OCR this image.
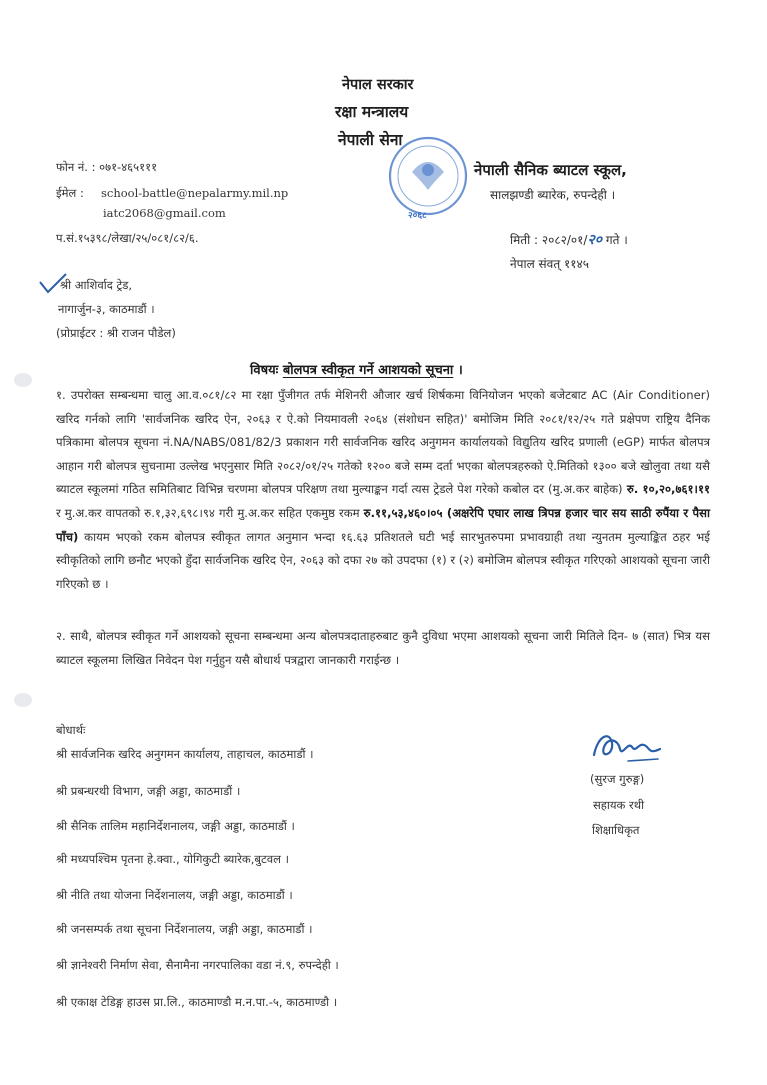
नेपाल सरकार
रक्षा मन्त्रालय
नेपाली सेना
२०६८
नेपाली सैनिक ब्याटल स्कूल,
सालझण्डी ब्यारेक, रुपन्देही ।
फोन नं. : ०७१-४६५१११
ईमेल : school-battle@nepalarmy.mil.np
iatc2068@gmail.com
प.सं.१५३९८/लेखा/२५/०८१/८२/६.	मिती : २०८२/०१/२० गते ।
नेपाल संवत् ११४५
श्री आशिर्वाद ट्रेड,
नागार्जुन-३, काठमाडौं ।
(प्रोप्राईटर : श्री राजन पौडेल)
विषयः बोलपत्र स्वीकृत गर्ने आशयको सूचना ।
१. उपरोक्त सम्बन्धमा चालु आ.व.०८१/८२ मा रक्षा पुँजीगत तर्फ मेशिनरी औजार खर्च शिर्षकमा विनियोजन भएको बजेटबाट AC (Air Conditioner) खरिद गर्नको लागि 'सार्वजनिक खरिद ऐन, २०६३ र ऐ.को नियमावली २०६४ (संशोधन सहित)' बमोजिम मिति २०८१/१२/२५ गते प्रक्षेपण राष्ट्रिय दैनिक पत्रिकामा बोलपत्र सूचना नं.NA/NABS/081/82/3 प्रकाशन गरी सार्वजनिक खरिद अनुगमन कार्यालयको विद्युतिय खरिद प्रणाली (eGP) मार्फत बोलपत्र आहान गरी बोलपत्र सुचनामा उल्लेख भएनुसार मिति २०८२/०१/२५ गतेको १२०० बजे सम्म दर्ता भएका बोलपत्रहरुको ऐ.मितिको १३०० बजे खोलुवा तथा यसै ब्याटल स्कूलमां गठित समितिबाट विभिन्न चरणमा बोलपत्र परिक्षण तथा मुल्याङ्कन गर्दा त्यस ट्रेडले पेश गरेको कबोल दर (मु.अ.कर बाहेक) रु. १०,२०,७६१।११ र मु.अ.कर वापतको रु.१,३२,६९८।९४ गरी मु.अ.कर सहित एकमुष्ठ रकम रु.११,५३,४६०।०५ (अक्षरेपि एघार लाख त्रिपन्न हजार चार सय साठी रुपैंया र पैसा पाँच) कायम भएको रकम बोलपत्र स्वीकृत लागत अनुमान भन्दा १६.६३ प्रतिशतले घटी भई सारभुतरुपमा प्रभावग्राही तथा न्युनतम मुल्याङ्कित ठहर भई स्वीकृतिको लागि छनौट भएको हुँदा सार्वजनिक खरिद ऐन, २०६३ को दफा २७ को उपदफा (१) र (२) बमोजिम बोलपत्र स्वीकृत गरिएको आशयको सूचना जारी गरिएको छ ।
२. साथै, बोलपत्र स्वीकृत गर्ने आशयको सूचना सम्बन्धमा अन्य बोलपत्रदाताहरुबाट कुनै दुविधा भएमा आशयको सूचना जारी मितिले दिन- ७ (सात) भित्र यस ब्याटल स्कूलमा लिखित निवेदन पेश गर्नुहुन यसै बोधार्थ पत्रद्वारा जानकारी गराईन्छ ।
बोधार्थः
श्री सार्वजनिक खरिद अनुगमन कार्यालय, ताहाचल, काठमाडौं ।
श्री प्रबन्धरथी विभाग, जङ्गी अड्डा, काठमाडौं ।
श्री सैनिक तालिम महानिर्देशनालय, जङ्गी अड्डा, काठमाडौं ।
श्री मध्यपश्चिम पृतना हे.क्वा., योगिकुटी ब्यारेक,बुटवल ।
श्री नीति तथा योजना निर्देशनालय, जङ्गी अड्डा, काठमाडौं ।
श्री जनसम्पर्क तथा सूचना निर्देशनालय, जङ्गी अड्डा, काठमाडौं ।
श्री ज्ञानेश्वरी निर्माण सेवा, सैनामैना नगरपालिका वडा नं.९, रुपन्देही ।
श्री एकाक्ष टेडिङ्ग हाउस प्रा.लि., काठमाण्डौ म.न.पा.-५, काठमाण्डौ ।
(सुरज गुरुङ्ग)
सहायक रथी
शिक्षाधिकृत
